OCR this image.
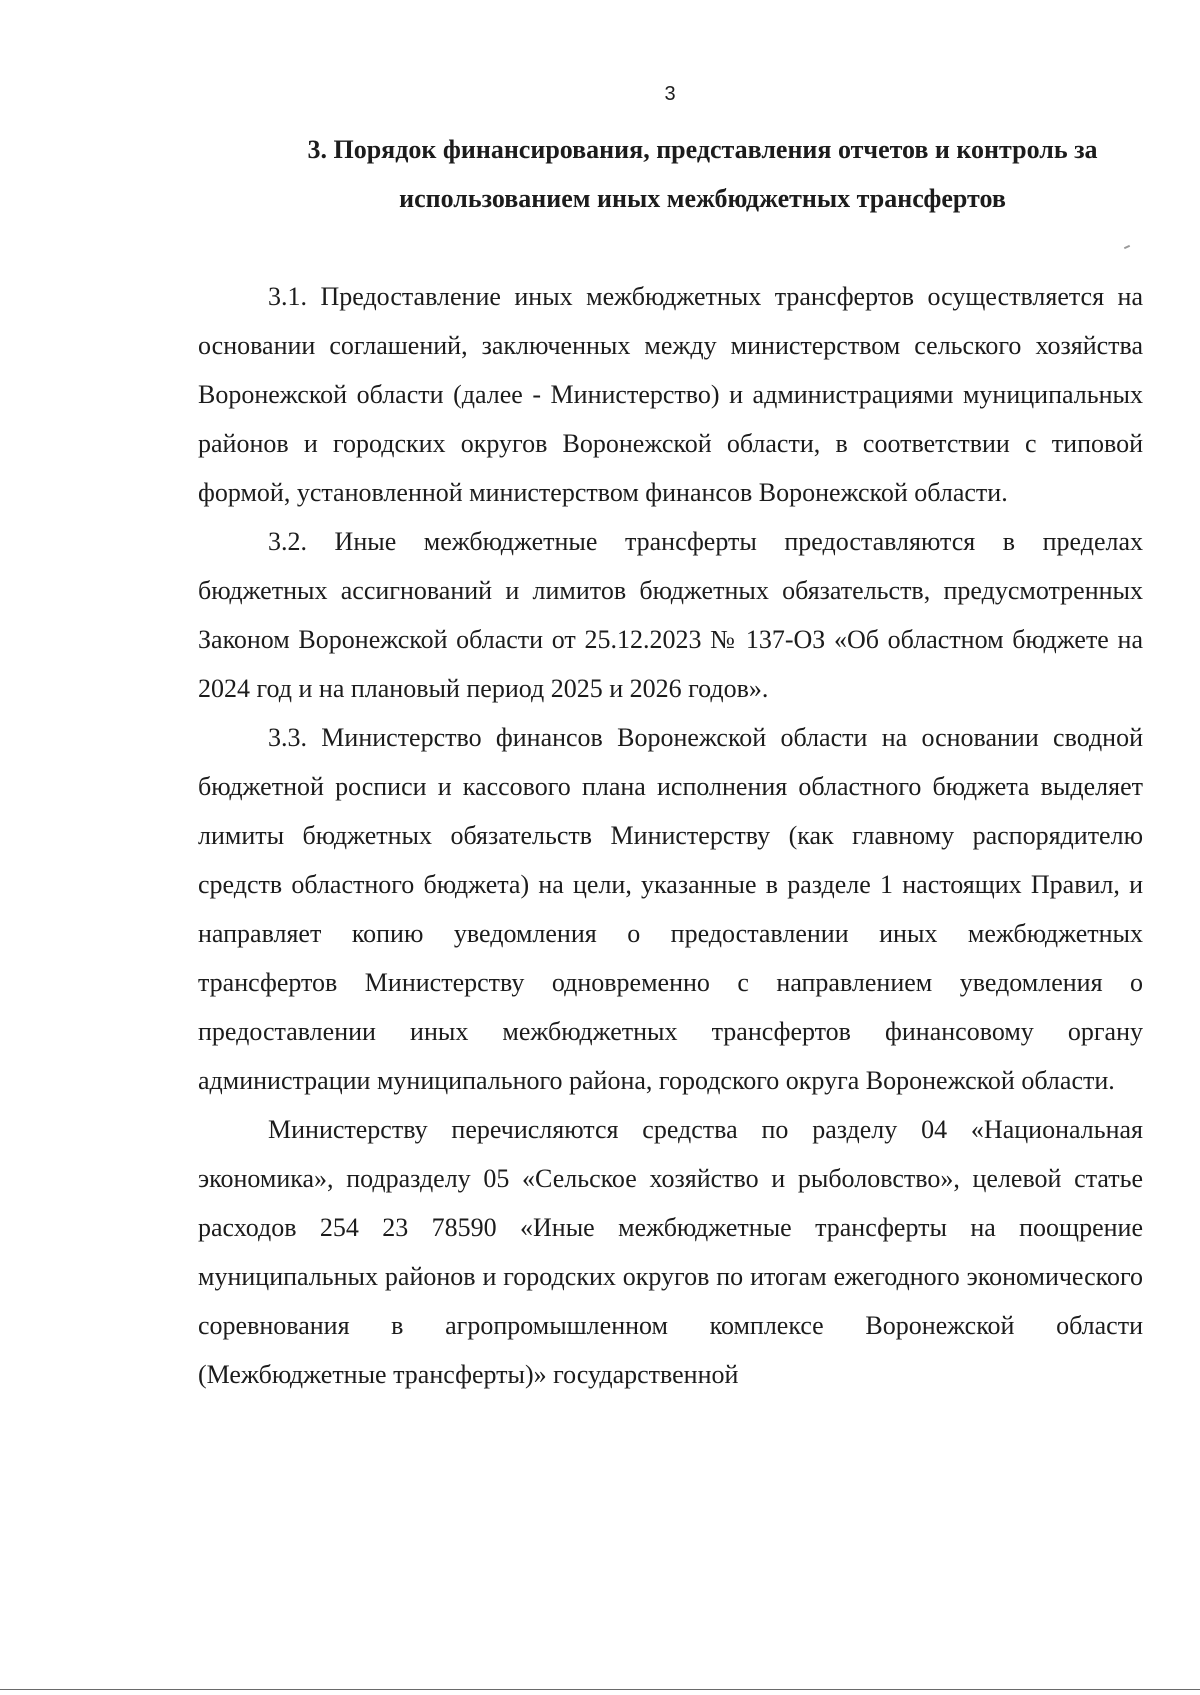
3
3. Порядок финансирования, представления отчетов и контроль за
использованием иных межбюджетных трансфертов

3.1. Предоставление иных межбюджетных трансфертов осуществляется на основании соглашений, заключенных между министерством сельского хозяйства Воронежской области (далее - Министерство) и администрациями муниципальных районов и городских округов Воронежской области, в соответствии с типовой формой, установленной министерством финансов Воронежской области.

3.2. Иные межбюджетные трансферты предоставляются в пределах бюджетных ассигнований и лимитов бюджетных обязательств, предусмотренных Законом Воронежской области от 25.12.2023 № 137-ОЗ «Об областном бюджете на 2024 год и на плановый период 2025 и 2026 годов».

3.3. Министерство финансов Воронежской области на основании сводной бюджетной росписи и кассового плана исполнения областного бюджета выделяет лимиты бюджетных обязательств Министерству (как главному распорядителю средств областного бюджета) на цели, указанные в разделе 1 настоящих Правил, и направляет копию уведомления о предоставлении иных межбюджетных трансфертов Министерству одновременно с направлением уведомления о предоставлении иных межбюджетных трансфертов финансовому органу администрации муниципального района, городского округа Воронежской области.

Министерству перечисляются средства по разделу 04 «Национальная экономика», подразделу 05 «Сельское хозяйство и рыболовство», целевой статье расходов 254 23 78590 «Иные межбюджетные трансферты на поощрение муниципальных районов и городских округов по итогам ежегодного экономического соревнования в агропромышленном комплексе Воронежской области (Межбюджетные трансферты)» государственной
